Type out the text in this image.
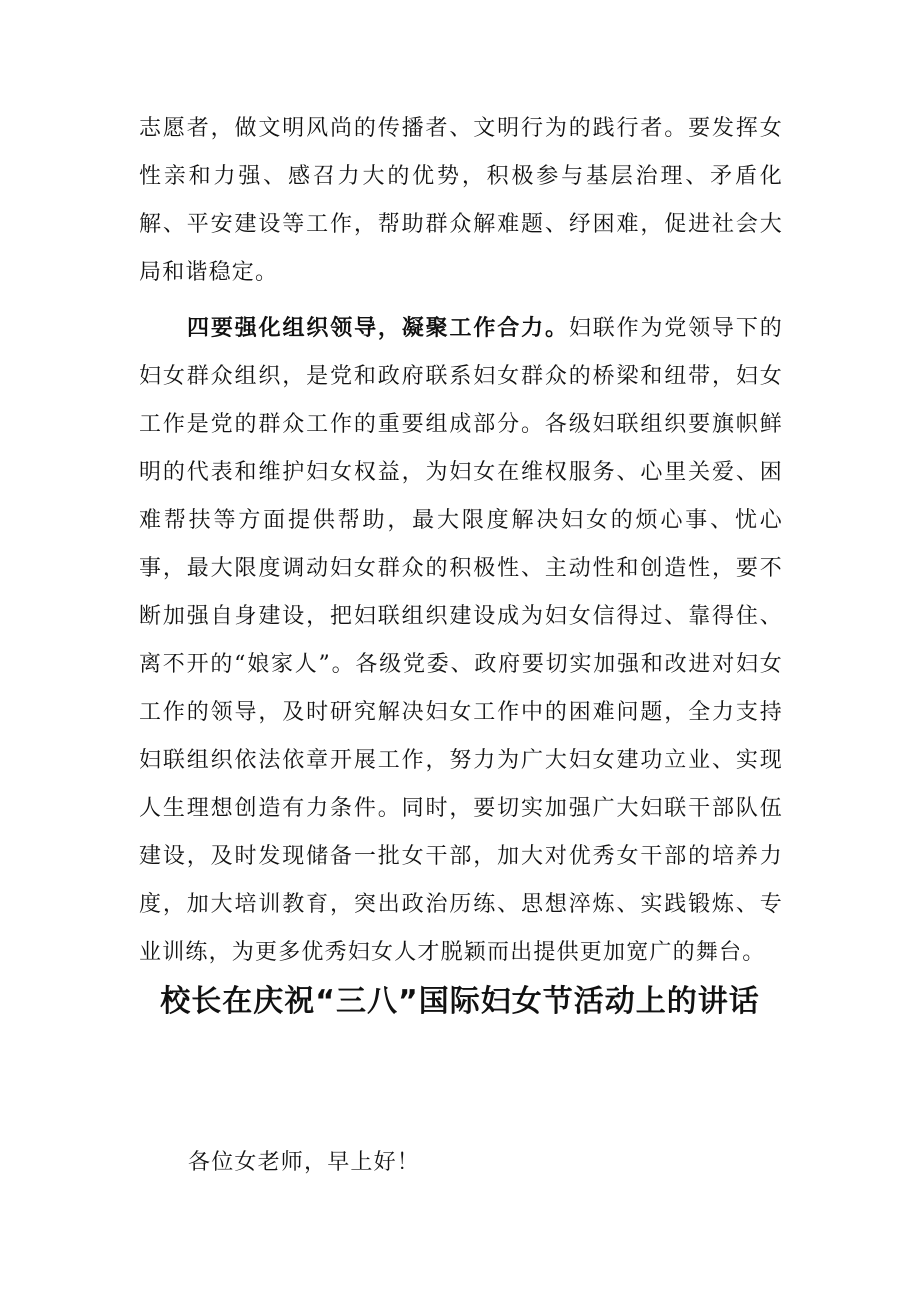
志愿者，做文明风尚的传播者、文明行为的践行者。要发挥女性亲和力强、感召力大的优势，积极参与基层治理、矛盾化解、平安建设等工作，帮助群众解难题、纾困难，促进社会大局和谐稳定。

四要强化组织领导，凝聚工作合力。妇联作为党领导下的妇女群众组织，是党和政府联系妇女群众的桥梁和纽带，妇女工作是党的群众工作的重要组成部分。各级妇联组织要旗帜鲜明的代表和维护妇女权益，为妇女在维权服务、心里关爱、困难帮扶等方面提供帮助，最大限度解决妇女的烦心事、忧心事，最大限度调动妇女群众的积极性、主动性和创造性，要不断加强自身建设，把妇联组织建设成为妇女信得过、靠得住、离不开的“娘家人”。各级党委、政府要切实加强和改进对妇女工作的领导，及时研究解决妇女工作中的困难问题，全力支持妇联组织依法依章开展工作，努力为广大妇女建功立业、实现人生理想创造有力条件。同时，要切实加强广大妇联干部队伍建设，及时发现储备一批女干部，加大对优秀女干部的培养力度，加大培训教育，突出政治历练、思想淬炼、实践锻炼、专业训练，为更多优秀妇女人才脱颖而出提供更加宽广的舞台。

校长在庆祝“三八”国际妇女节活动上的讲话

各位女老师，早上好！
